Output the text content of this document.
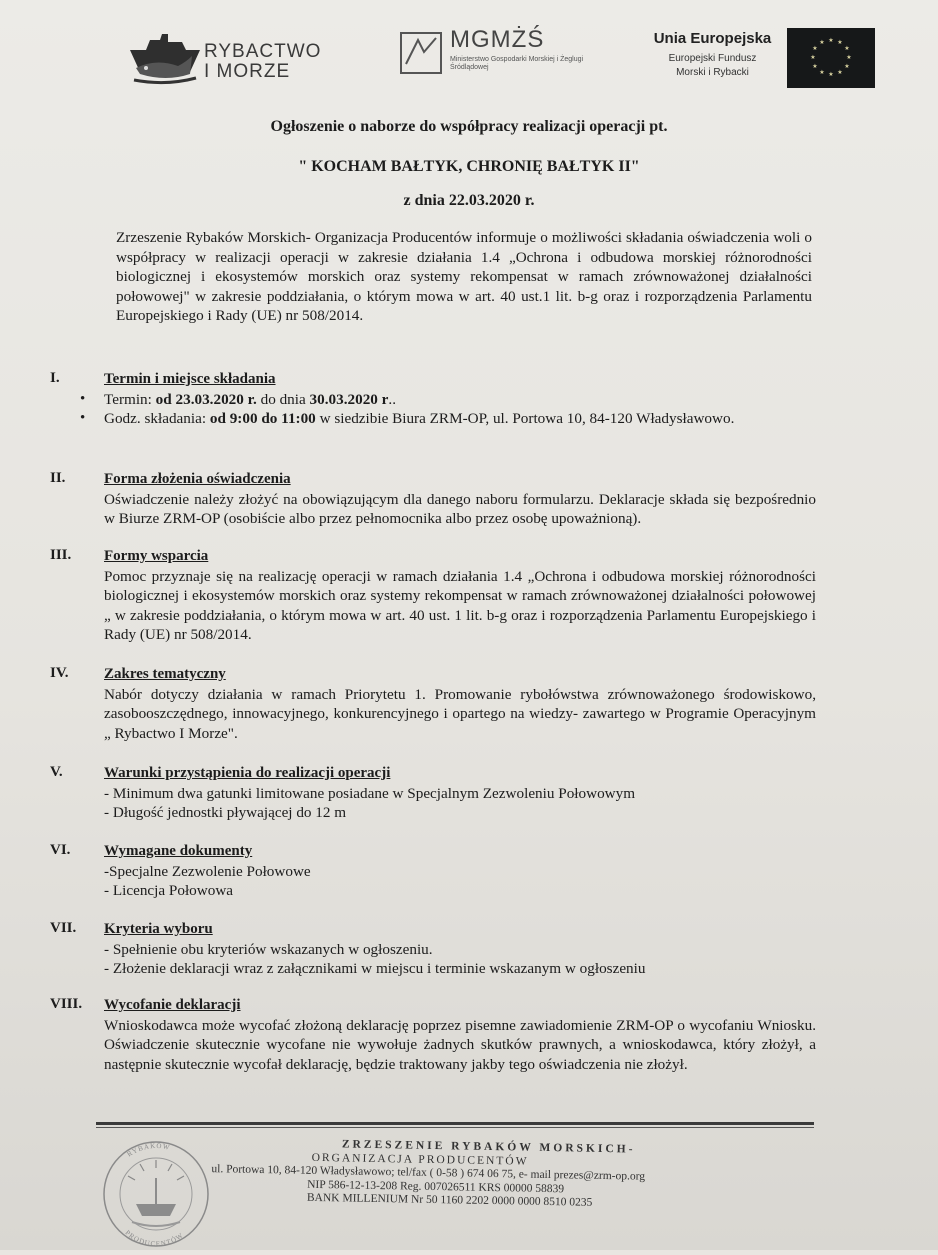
RYBACTWO
I MORZE
MGMŻŚ
Ministerstwo Gospodarki Morskiej i Żeglugi Śródlądowej
Unia Europejska
Europejski Fundusz
Morski i Rybacki
★ ★
★
★
★
★
★
★
★
★
★
★
Ogłoszenie o naborze do współpracy realizacji operacji pt.
" KOCHAM BAŁTYK, CHRONIĘ BAŁTYK II"
z dnia 22.03.2020 r.
Zrzeszenie Rybaków Morskich- Organizacja Producentów informuje o możliwości składania oświadczenia woli o współpracy w realizacji operacji w zakresie działania 1.4 „Ochrona i odbudowa morskiej różnorodności biologicznej i ekosystemów morskich oraz systemy rekompensat w ramach zrównoważonej działalności połowowej" w zakresie poddziałania, o którym mowa w art. 40 ust.1 lit. b-g oraz i rozporządzenia Parlamentu Europejskiego i Rady (UE) nr 508/2014.
I.	Termin i miejsce składania
• Termin: od 23.03.2020 r. do dnia 30.03.2020 r..
• Godz. składania: od 9:00 do 11:00 w siedzibie Biura ZRM-OP, ul. Portowa 10, 84-120 Władysławowo.
II.	Forma złożenia oświadczenia
Oświadczenie należy złożyć na obowiązującym dla danego naboru formularzu. Deklaracje składa się bezpośrednio w Biurze ZRM-OP (osobiście albo przez pełnomocnika albo przez osobę upoważnioną).
III.	Formy wsparcia
Pomoc przyznaje się na realizację operacji w ramach działania 1.4 „Ochrona i odbudowa morskiej różnorodności biologicznej i ekosystemów morskich oraz systemy rekompensat w ramach zrównoważonej działalności połowowej „ w zakresie poddziałania, o którym mowa w art. 40 ust. 1 lit. b-g oraz i rozporządzenia Parlamentu Europejskiego i Rady (UE) nr 508/2014.
IV.	Zakres tematyczny
Nabór dotyczy działania w ramach Priorytetu 1. Promowanie rybołówstwa zrównoważonego środowiskowo, zasobooszczędnego, innowacyjnego, konkurencyjnego i opartego na wiedzy- zawartego w Programie Operacyjnym „ Rybactwo I Morze".
V.	Warunki przystąpienia do realizacji operacji
- Minimum dwa gatunki limitowane posiadane w Specjalnym Zezwoleniu Połowowym
- Długość jednostki pływającej do 12 m
VI.	Wymagane dokumenty
-Specjalne Zezwolenie Połowowe
- Licencja Połowowa
VII.	Kryteria wyboru
- Spełnienie obu kryteriów wskazanych w ogłoszeniu.
- Złożenie deklaracji wraz z załącznikami w miejscu i terminie wskazanym w ogłoszeniu
VIII.	Wycofanie deklaracji
Wnioskodawca może wycofać złożoną deklarację poprzez pisemne zawiadomienie ZRM-OP o wycofaniu Wniosku. Oświadczenie skutecznie wycofane nie wywołuje żadnych skutków prawnych, a wnioskodawca, który złożył, a następnie skutecznie wycofał deklarację, będzie traktowany jakby tego oświadczenia nie złożył.
RYBAKÓW
PRODUCENTÓW
ZRZESZENIE RYBAKÓW MORSKICH-
ORGANIZACJA PRODUCENTÓW
ul. Portowa 10, 84-120 Władysławowo; tel/fax ( 0-58 ) 674 06 75, e- mail prezes@zrm-op.org
NIP 586-12-13-208 Reg. 007026511 KRS 00000 58839
BANK MILLENIUM Nr 50 1160 2202 0000 0000 8510 0235
